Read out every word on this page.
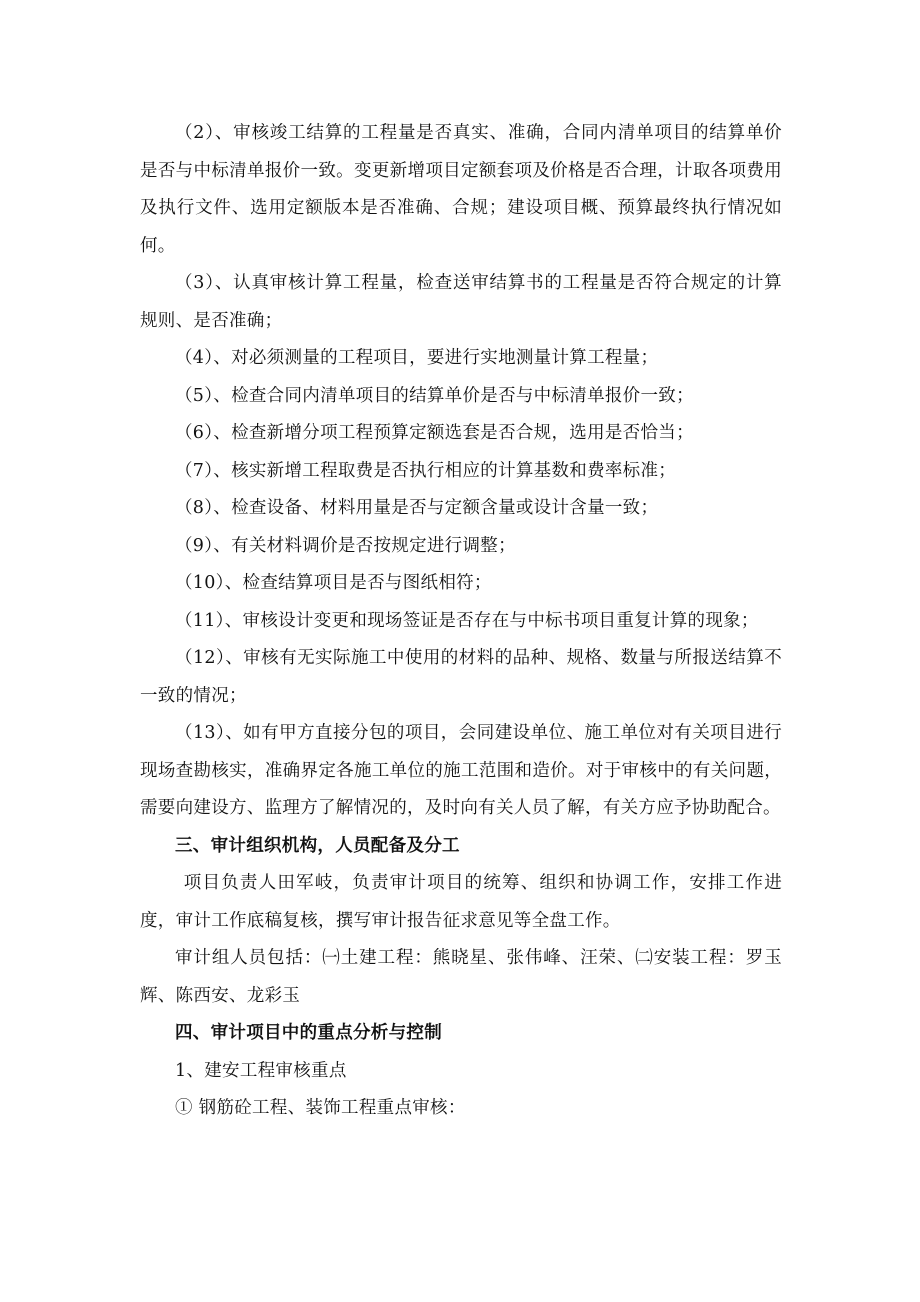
（2）、审核竣工结算的工程量是否真实、准确，合同内清单项目的结算单价是否与中标清单报价一致。变更新增项目定额套项及价格是否合理，计取各项费用及执行文件、选用定额版本是否准确、合规；建设项目概、预算最终执行情况如何。

（3）、认真审核计算工程量，检查送审结算书的工程量是否符合规定的计算规则、是否准确；

（4）、对必须测量的工程项目，要进行实地测量计算工程量；

（5）、检查合同内清单项目的结算单价是否与中标清单报价一致；

（6）、检查新增分项工程预算定额选套是否合规，选用是否恰当；

（7）、核实新增工程取费是否执行相应的计算基数和费率标准；

（8）、检查设备、材料用量是否与定额含量或设计含量一致；

（9）、有关材料调价是否按规定进行调整；

（10）、检查结算项目是否与图纸相符；

（11）、审核设计变更和现场签证是否存在与中标书项目重复计算的现象；

（12）、审核有无实际施工中使用的材料的品种、规格、数量与所报送结算不一致的情况；

（13）、如有甲方直接分包的项目，会同建设单位、施工单位对有关项目进行现场查勘核实，准确界定各施工单位的施工范围和造价。对于审核中的有关问题，需要向建设方、监理方了解情况的，及时向有关人员了解，有关方应予协助配合。

三、审计组织机构，人员配备及分工

项目负责人田军岐，负责审计项目的统筹、组织和协调工作，安排工作进度，审计工作底稿复核，撰写审计报告征求意见等全盘工作。

审计组人员包括：㈠土建工程：熊晓星、张伟峰、汪荣、㈡安装工程：罗玉辉、陈西安、龙彩玉

四、审计项目中的重点分析与控制

1、建安工程审核重点

① 钢筋砼工程、装饰工程重点审核：
